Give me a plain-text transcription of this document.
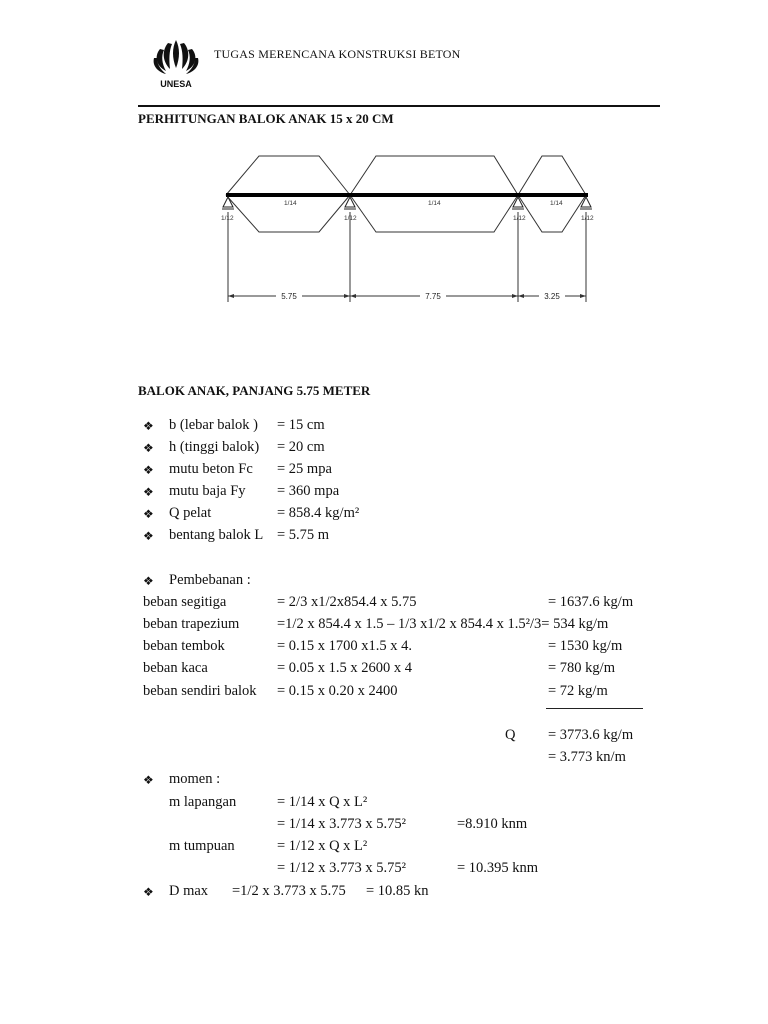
UNESA
TUGAS MERENCANA KONSTRUKSI BETON
PERHITUNGAN BALOK ANAK 15 x 20 CM
1/14	1/14	1/14
1/12	1/12	1/12	1/12
5.75	7.75	3.25
BALOK ANAK, PANJANG 5.75 METER
❖ b (lebar balok ) = 15 cm
❖ h (tinggi balok) = 20 cm
❖ mutu beton Fc = 25 mpa
❖ mutu baja Fy = 360 mpa
❖ Q pelat	= 858.4 kg/m²
❖ bentang balok L = 5.75 m
❖ Pembebanan :
beban segitiga	= 2/3 x1/2x854.4 x 5.75	= 1637.6 kg/m
beban trapezium	=1/2 x 854.4 x 1.5 – 1/3 x1/2 x 854.4 x 1.5²/3= 534 kg/m
beban tembok	= 0.15 x 1700 x1.5 x 4.	= 1530 kg/m
beban kaca	= 0.05 x 1.5 x 2600 x 4	= 780 kg/m
beban sendiri balok = 0.15 x 0.20 x 2400	= 72 kg/m
Q = 3773.6 kg/m
= 3.773 kn/m
❖ momen :
m lapangan	= 1/14 x Q x L²
= 1/14 x 3.773 x 5.75²	=8.910 knm
m tumpuan	= 1/12 x Q x L²
= 1/12 x 3.773 x 5.75²	= 10.395 knm
❖ D max =1/2 x 3.773 x 5.75 = 10.85 kn
